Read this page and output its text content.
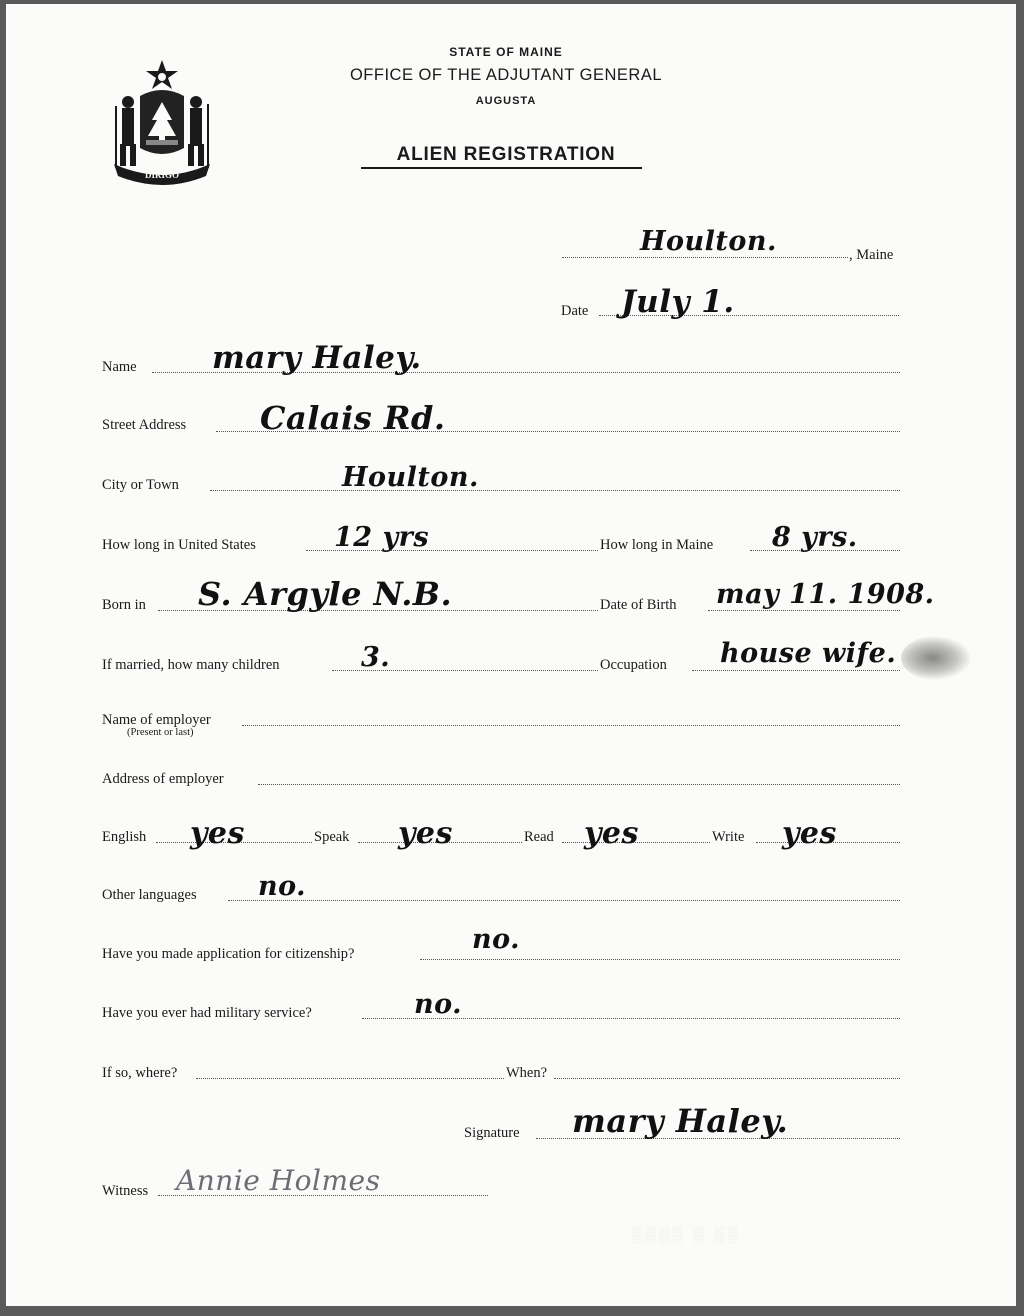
DIRIGO
STATE OF MAINE
OFFICE OF THE ADJUTANT GENERAL
AUGUSTA
ALIEN REGISTRATION
Houlton.	, Maine
Date July 1.
Name mary Haley.
Street Address Calais Rd.
City or Town	Houlton.
How long in United States	12 yrs	How long in Maine 8 yrs.
Born in S. Argyle N.B.	Date of Birth may 11. 1908.
If married, how many children	3.	Occupation house wife.
Name of employer
(Present or last)
Address of employer
English yes	Speak yes	Read yes	Write yes
Other languages no.
Have you made application for citizenship?	no.
Have you ever had military service?	no.
If so, where?	When?
Signature mary Haley.
Witness Annie Holmes
░░░░ ░ ░░
